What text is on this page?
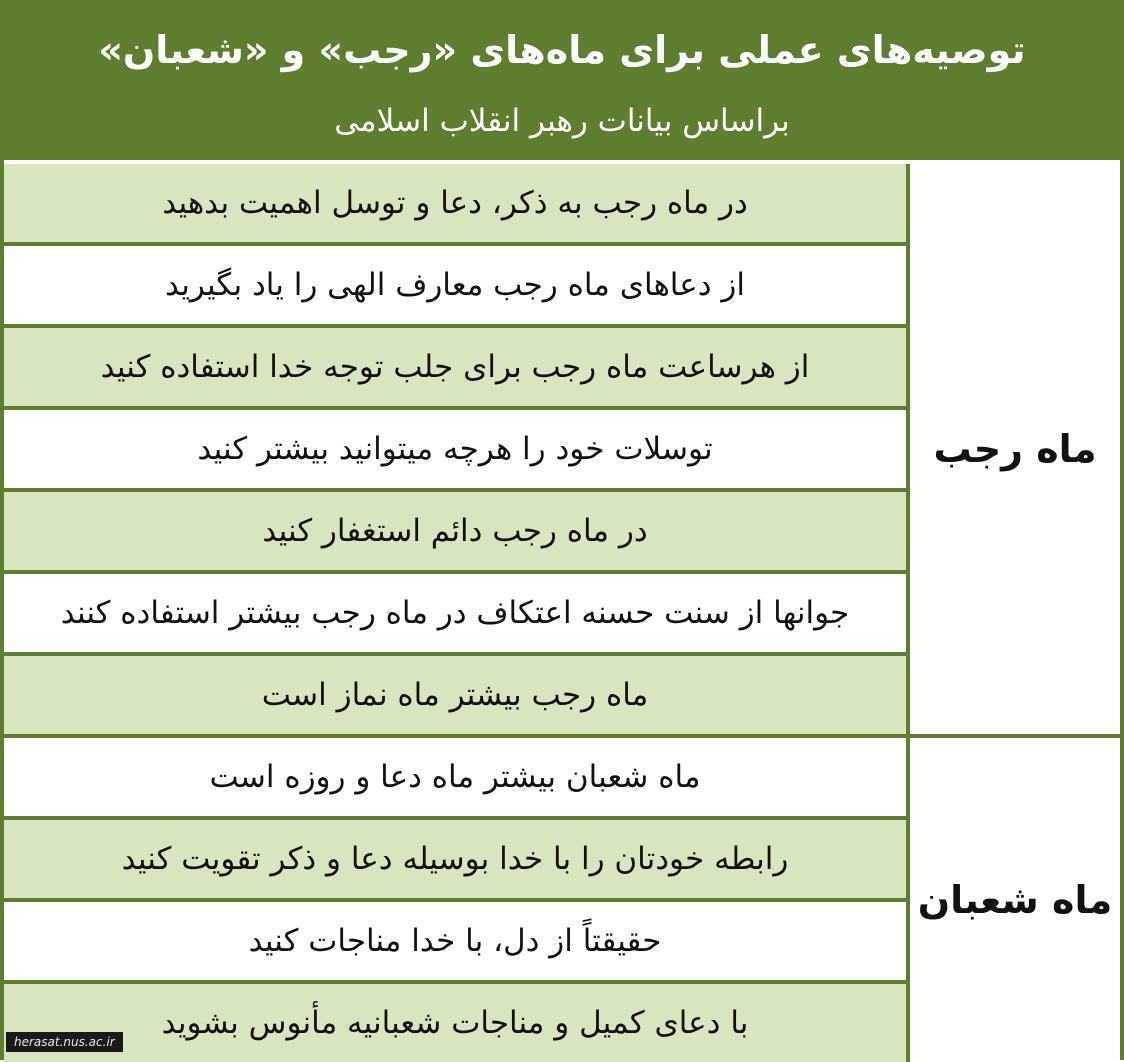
توصیه‌های عملی برای ماه‌های «رجب» و «شعبان»
براساس بیانات رهبر انقلاب اسلامی
ماه رجب
در ماه رجب به ذکر، دعا و توسل اهمیت بدهید
از دعاهای ماه رجب معارف الهی را یاد بگیرید
از هرساعت ماه رجب برای جلب توجه خدا استفاده کنید
توسلات خود را هرچه میتوانید بیشتر کنید
در ماه رجب دائم استغفار کنید
جوانها از سنت حسنه اعتکاف در ماه رجب بیشتر استفاده کنند
ماه رجب بیشتر ماه نماز است
ماه شعبان
ماه شعبان بیشتر ماه دعا و روزه است
رابطه خودتان را با خدا بوسیله دعا و ذکر تقویت کنید
حقیقتاً از دل، با خدا مناجات کنید
با دعای کمیل و مناجات شعبانیه مأنوس بشوید
herasat.nus.ac.ir
